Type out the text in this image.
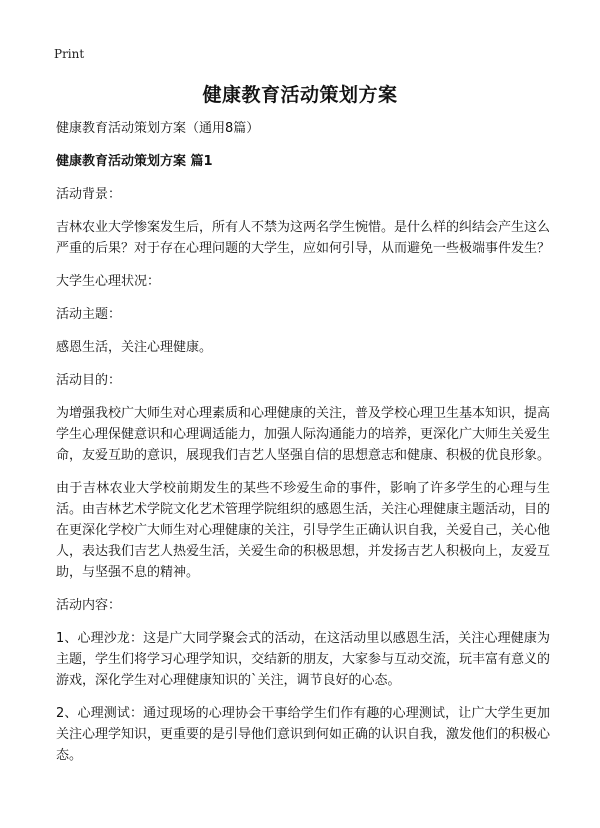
Print
健康教育活动策划方案

健康教育活动策划方案（通用8篇）

健康教育活动策划方案 篇1

活动背景：

吉林农业大学惨案发生后，所有人不禁为这两名学生惋惜。是什么样的纠结会产生这么严重的后果？对于存在心理问题的大学生，应如何引导，从而避免一些极端事件发生？

大学生心理状况：

活动主题：

感恩生活，关注心理健康。

活动目的：

为增强我校广大师生对心理素质和心理健康的关注，普及学校心理卫生基本知识，提高学生心理保健意识和心理调适能力，加强人际沟通能力的培养，更深化广大师生关爱生命，友爱互助的意识，展现我们吉艺人坚强自信的思想意志和健康、积极的优良形象。

由于吉林农业大学校前期发生的某些不珍爱生命的事件，影响了许多学生的心理与生活。由吉林艺术学院文化艺术管理学院组织的感恩生活，关注心理健康主题活动，目的在更深化学校广大师生对心理健康的关注，引导学生正确认识自我，关爱自己，关心他人，表达我们吉艺人热爱生活，关爱生命的积极思想，并发扬吉艺人积极向上，友爱互助，与坚强不息的精神。

活动内容：

1、心理沙龙：这是广大同学聚会式的活动，在这活动里以感恩生活，关注心理健康为主题，学生们将学习心理学知识，交结新的朋友，大家参与互动交流，玩丰富有意义的游戏，深化学生对心理健康知识的`关注，调节良好的心态。

2、心理测试：通过现场的心理协会干事给学生们作有趣的心理测试，让广大学生更加关注心理学知识，更重要的是引导他们意识到何如正确的认识自我，激发他们的积极心态。
